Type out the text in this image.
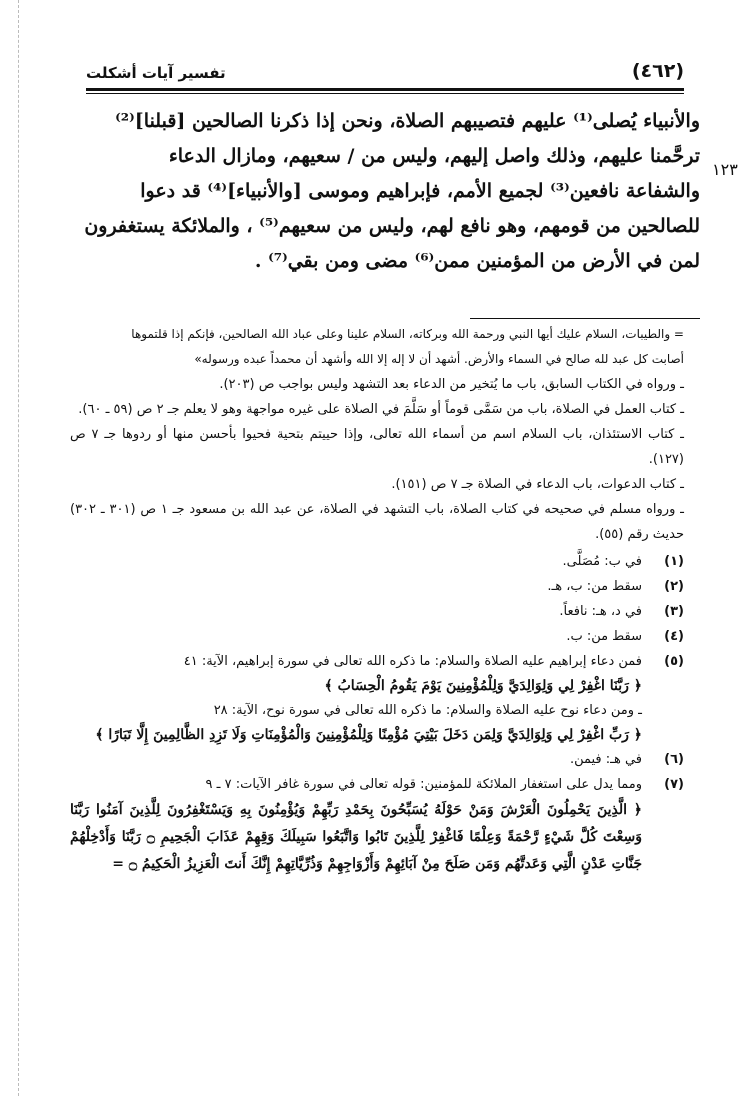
(٤٦٢)
تفسير آيات أشكلت
١٢٣

والأنبياء يُصلى⁽¹⁾ عليهم فتصيبهم الصلاة، ونحن إذا ذكرنا الصالحين [قبلنا]⁽²⁾

ترحَّمنا عليهم، وذلك واصل إليهم، وليس من / سعيهم، ومازال الدعاء

والشفاعة نافعين⁽³⁾ لجميع الأمم، فإبراهيم وموسى [والأنبياء]⁽⁴⁾ قد دعوا

للصالحين من قومهم، وهو نافع لهم، وليس من سعيهم⁽⁵⁾ ، والملائكة يستغفرون

لمن في الأرض من المؤمنين ممن⁽⁶⁾ مضى ومن بقي⁽⁷⁾ .

= والطيبات، السلام عليك أيها النبي ورحمة الله وبركاته، السلام علينا وعلى عباد الله الصالحين، فإنكم إذا قلتموها

أصابت كل عبد لله صالح في السماء والأرض. أشهد أن لا إله إلا الله وأشهد أن محمداً عبده ورسوله»

ـ ورواه في الكتاب السابق، باب ما يُتخير من الدعاء بعد التشهد وليس بواجب ص (٢٠٣).

ـ كتاب العمل في الصلاة، باب من سَمَّى قوماً أو سَلَّمَ في الصلاة على غيره مواجهة وهو لا يعلم جـ ٢ ص (٥٩ ـ ٦٠).

ـ كتاب الاستئذان، باب السلام اسم من أسماء الله تعالى، وإذا حييتم بتحية فحيوا بأحسن منها أو ردوها جـ ٧ ص (١٢٧).

ـ كتاب الدعوات، باب الدعاء في الصلاة جـ ٧ ص (١٥١).

ـ ورواه مسلم في صحيحه في كتاب الصلاة، باب التشهد في الصلاة، عن عبد الله بن مسعود جـ ١ ص (٣٠١ ـ ٣٠٢) حديث رقم (٥٥).

(١)
في ب: مُصَلَّى.
(٢)
سقط من: ب، هـ.
(٣)
في د، هـ: نافعاً.
(٤)
سقط من: ب.
(٥)
فمن دعاء إبراهيم عليه الصلاة والسلام: ما ذكره الله تعالى في سورة إبراهيم، الآية: ٤١
﴿ رَبَّنَا اغْفِرْ لِي وَلِوَالِدَيَّ وَلِلْمُؤْمِنِينَ يَوْمَ يَقُومُ الْحِسَابُ ﴾
ـ ومن دعاء نوح عليه الصلاة والسلام: ما ذكره الله تعالى في سورة نوح، الآية: ٢٨
﴿ رَبِّ اغْفِرْ لِي وَلِوَالِدَيَّ وَلِمَن دَخَلَ بَيْتِيَ مُؤْمِنًا وَلِلْمُؤْمِنِينَ وَالْمُؤْمِنَاتِ وَلَا تَزِدِ الظَّالِمِينَ إِلَّا تَبَارًا ﴾
(٦)
في هـ: فيمن.
(٧)
ومما يدل على استغفار الملائكة للمؤمنين: قوله تعالى في سورة غافر الآيات: ٧ ـ ٩
﴿ الَّذِينَ يَحْمِلُونَ الْعَرْشَ وَمَنْ حَوْلَهُ يُسَبِّحُونَ بِحَمْدِ رَبِّهِمْ وَيُؤْمِنُونَ بِهِ وَيَسْتَغْفِرُونَ لِلَّذِينَ آمَنُوا رَبَّنَا وَسِعْتَ كُلَّ شَيْءٍ رَّحْمَةً وَعِلْمًا فَاغْفِرْ لِلَّذِينَ تَابُوا وَاتَّبَعُوا سَبِيلَكَ وَقِهِمْ عَذَابَ الْجَحِيمِ ۝ رَبَّنَا وَأَدْخِلْهُمْ جَنَّاتِ عَدْنٍ الَّتِي وَعَدتَّهُم وَمَن صَلَحَ مِنْ آبَائِهِمْ وَأَزْوَاجِهِمْ وَذُرِّيَّاتِهِمْ إِنَّكَ أَنتَ الْعَزِيزُ الْحَكِيمُ ۝ =
